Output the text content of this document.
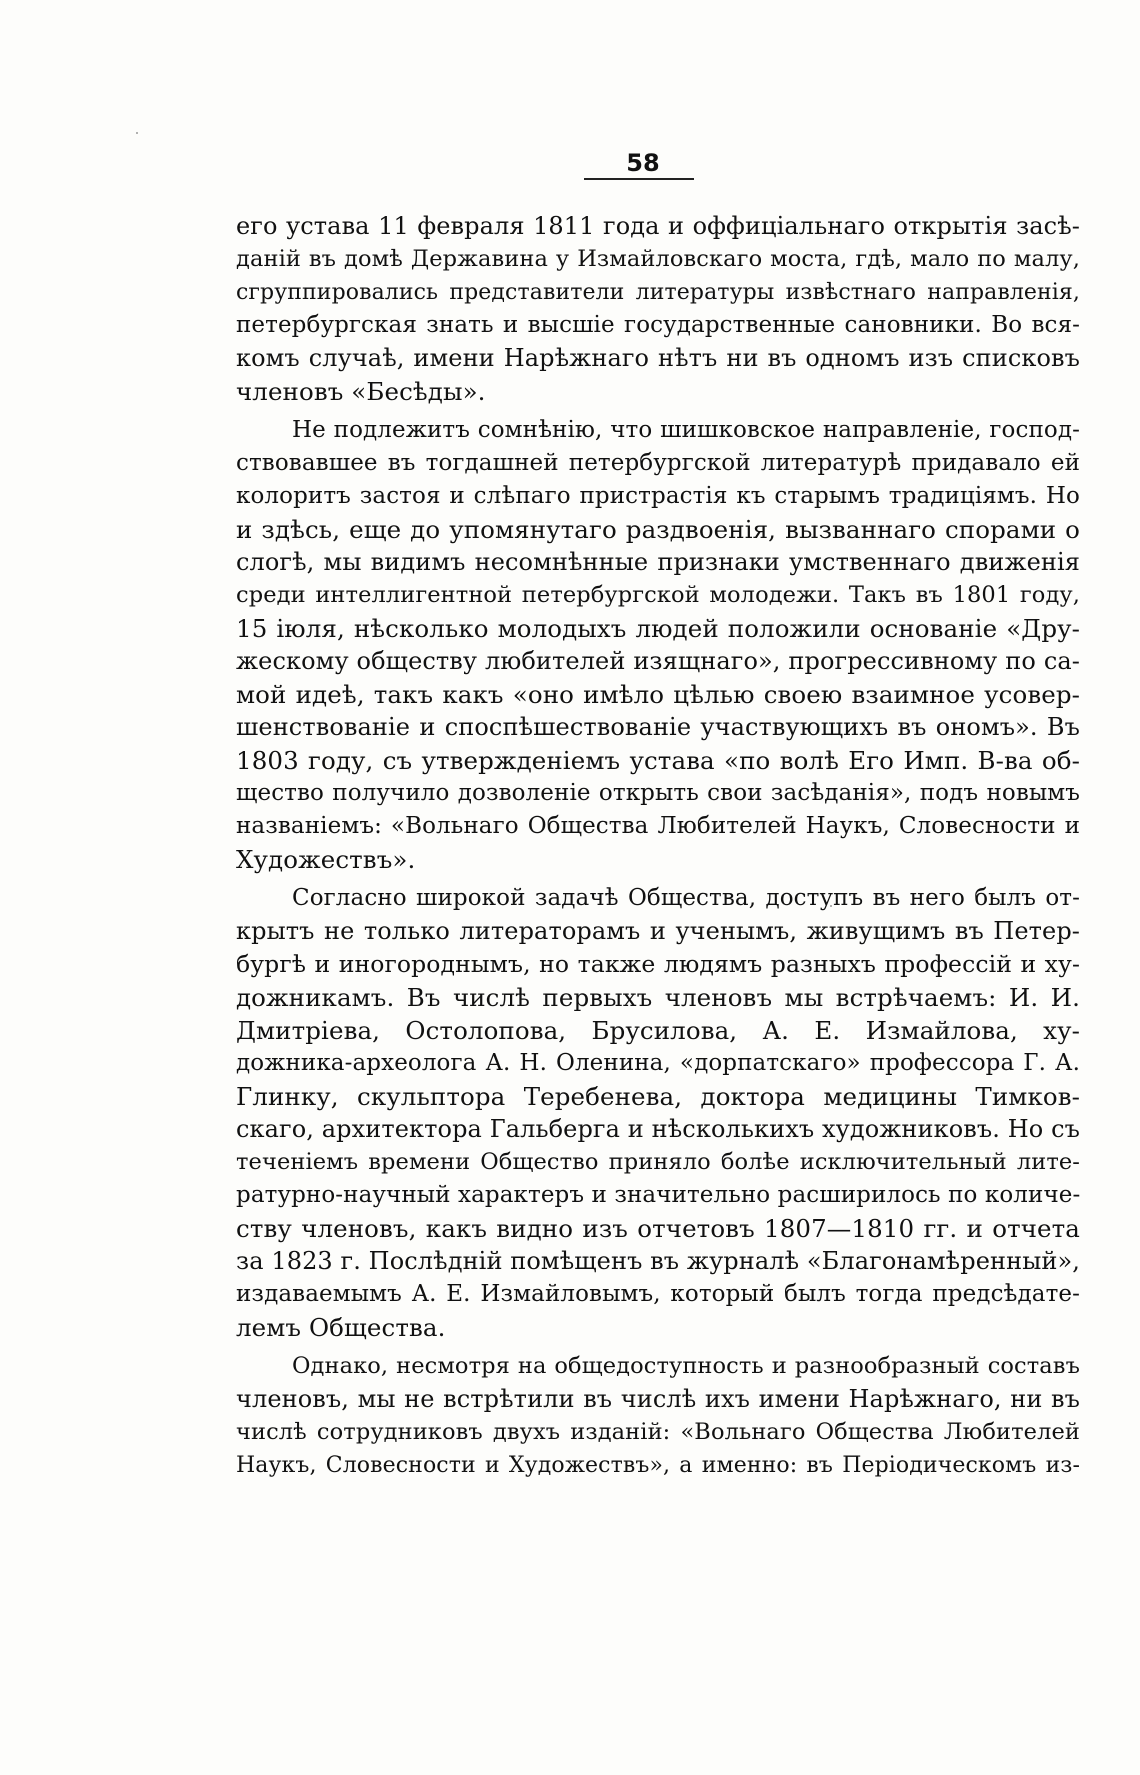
58
его устава 11 февраля 1811 года и оффиціальнаго открытія засѣ-
даній въ домѣ Державина у Измайловскаго моста, гдѣ, мало по малу,
сгруппировались представители литературы извѣстнаго направленія,
петербургская знать и высшіе государственные сановники. Во вся-
комъ случаѣ, имени Нарѣжнаго нѣтъ ни въ одномъ изъ списковъ
членовъ «Бесѣды».
Не подлежитъ сомнѣнію, что шишковское направленіе, господ-
ствовавшее въ тогдашней петербургской литературѣ придавало ей
колоритъ застоя и слѣпаго пристрастія къ старымъ традиціямъ. Но
и здѣсь, еще до упомянутаго раздвоенія, вызваннаго спорами о
слогѣ, мы видимъ несомнѣнные признаки умственнаго движенія
среди интеллигентной петербургской молодежи. Такъ въ 1801 году,
15 іюля, нѣсколько молодыхъ людей положили основаніе «Дру-
жескому обществу любителей изящнаго», прогрессивному по са-
мой идеѣ, такъ какъ «оно имѣло цѣлью своею взаимное усовер-
шенствованіе и споспѣшествованіе участвующихъ въ ономъ». Въ
1803 году, съ утвержденіемъ устава «по волѣ Его Имп. В-ва об-
щество получило дозволеніе открыть свои засѣданія», подъ новымъ
названіемъ: «Вольнаго Общества Любителей Наукъ, Словесности и
Художествъ».
Согласно широкой задачѣ Общества, доступъ въ него былъ от-
крытъ не только литераторамъ и ученымъ, живущимъ въ Петер-
бургѣ и иногороднымъ, но также людямъ разныхъ профессій и ху-
дожникамъ. Въ числѣ первыхъ членовъ мы встрѣчаемъ: И. И.
Дмитріева, Остолопова, Брусилова, А. Е. Измайлова, ху-
дожника-археолога А. Н. Оленина, «дорпатскаго» профессора Г. А.
Глинку, скульптора Теребенева, доктора медицины Тимков-
скаго, архитектора Гальберга и нѣсколькихъ художниковъ. Но съ
теченіемъ времени Общество приняло болѣе исключительный лите-
ратурно-научный характеръ и значительно расширилось по количе-
ству членовъ, какъ видно изъ отчетовъ 1807—1810 гг. и отчета
за 1823 г. Послѣдній помѣщенъ въ журналѣ «Благонамѣренный»,
издаваемымъ А. Е. Измайловымъ, который былъ тогда предсѣдате-
лемъ Общества.
Однако, несмотря на общедоступность и разнообразный составъ
членовъ, мы не встрѣтили въ числѣ ихъ имени Нарѣжнаго, ни въ
числѣ сотрудниковъ двухъ изданій: «Вольнаго Общества Любителей
Наукъ, Словесности и Художествъ», а именно: въ Періодическомъ из-
